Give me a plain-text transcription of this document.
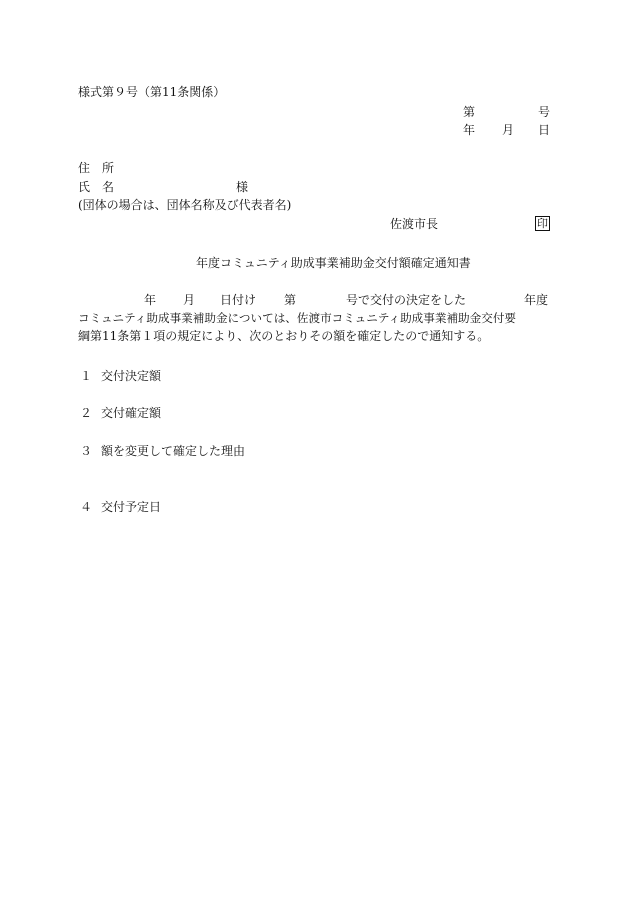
様式第９号（第11条関係）
第	号
年 月 日
住　所
氏　名	様
(団体の場合は、団体名称及び代表者名)
佐渡市長	印
年度コミュニティ助成事業補助金交付額確定通知書
年 月 日付け 第	号で交付の決定をした	年度
コミュニティ助成事業補助金については、佐渡市コミュニティ助成事業補助金交付要
綱第11条第１項の規定により、次のとおりその額を確定したので通知する。
１ 交付決定額
２ 交付確定額
３ 額を変更して確定した理由
４ 交付予定日
